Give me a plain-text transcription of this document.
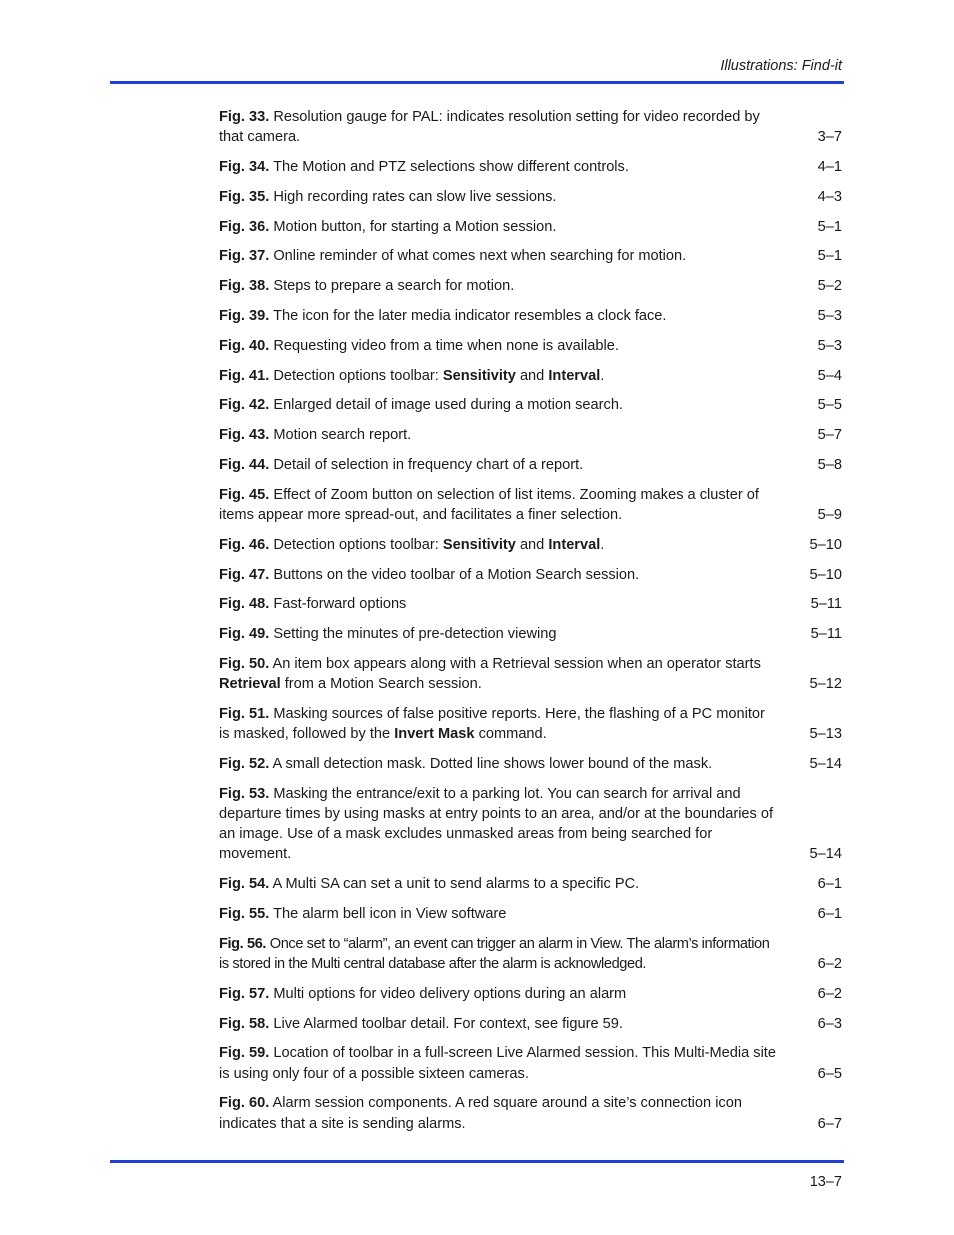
Illustrations: Find-it
Fig. 33. Resolution gauge for PAL: indicates resolution setting for video recorded by that camera.	3–7
Fig. 34. The Motion and PTZ selections show different controls.	4–1
Fig. 35. High recording rates can slow live sessions.	4–3
Fig. 36. Motion button, for starting a Motion session.	5–1
Fig. 37. Online reminder of what comes next when searching for motion.	5–1
Fig. 38. Steps to prepare a search for motion.	5–2
Fig. 39. The icon for the later media indicator resembles a clock face.	5–3
Fig. 40. Requesting video from a time when none is available.	5–3
Fig. 41. Detection options toolbar: Sensitivity and Interval.	5–4
Fig. 42. Enlarged detail of image used during a motion search.	5–5
Fig. 43. Motion search report.	5–7
Fig. 44. Detail of selection in frequency chart of a report.	5–8
Fig. 45. Effect of Zoom button on selection of list items. Zooming makes a cluster of items appear more spread-out, and facilitates a finer selection.	5–9
Fig. 46. Detection options toolbar: Sensitivity and Interval.	5–10
Fig. 47. Buttons on the video toolbar of a Motion Search session.	5–10
Fig. 48. Fast-forward options	5–11
Fig. 49. Setting the minutes of pre-detection viewing	5–11
Fig. 50. An item box appears along with a Retrieval session when an operator starts Retrieval from a Motion Search session.	5–12
Fig. 51. Masking sources of false positive reports. Here, the flashing of a PC monitor is masked, followed by the Invert Mask command.	5–13
Fig. 52. A small detection mask. Dotted line shows lower bound of the mask.	5–14
Fig. 53. Masking the entrance/exit to a parking lot. You can search for arrival and departure times by using masks at entry points to an area, and/or at the boundaries of an image. Use of a mask excludes unmasked areas from being searched for movement.	5–14
Fig. 54. A Multi SA can set a unit to send alarms to a specific PC.	6–1
Fig. 55. The alarm bell icon in View software	6–1
Fig. 56. Once set to “alarm”, an event can trigger an alarm in View. The alarm’s information is stored in the Multi central database after the alarm is acknowledged.	6–2
Fig. 57. Multi options for video delivery options during an alarm	6–2
Fig. 58. Live Alarmed toolbar detail. For context, see figure 59.	6–3
Fig. 59. Location of toolbar in a full-screen Live Alarmed session. This Multi-Media site is using only four of a possible sixteen cameras.	6–5
Fig. 60. Alarm session components. A red square around a site’s connection icon indicates that a site is sending alarms.	6–7
13–7
